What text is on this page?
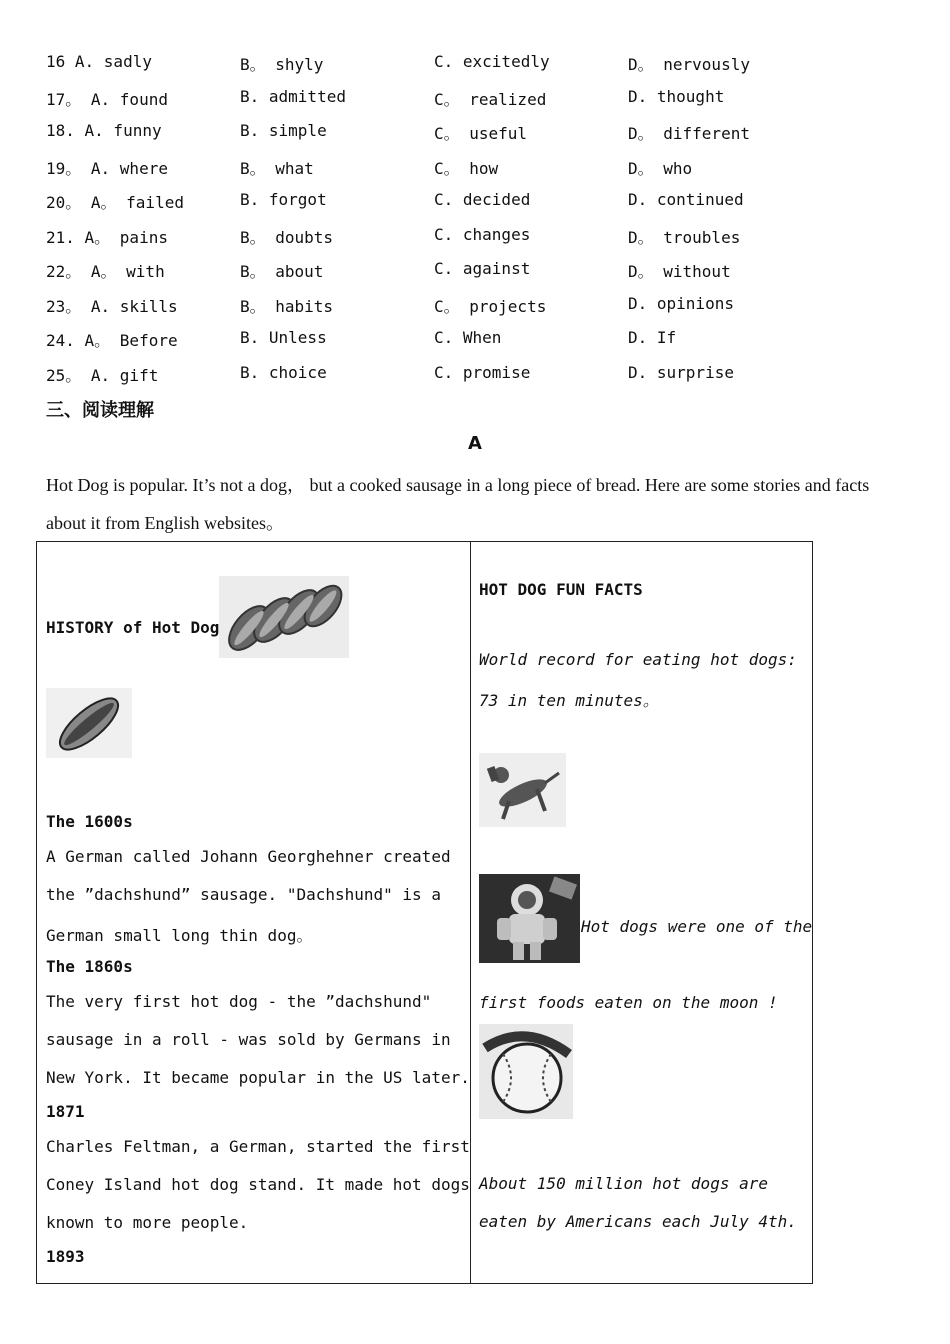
16 A. sadly	B。 shyly	C. excitedly	D。 nervously
17。 A. found	B. admitted	C。 realized	D. thought
18. A. funny	B. simple	C。 useful	D。 different
19。 A. where	B。 what	C。 how	D。 who
20。 A。 failed	B. forgot	C. decided	D. continued
21. A。 pains	B。 doubts	C. changes	D。 troubles
22。 A。 with	B。 about	C. against	D。 without
23。 A. skills	B。 habits	C。 projects	D. opinions
24. A。 Before	B. Unless	C. When	D. If
25。 A. gift	B. choice	C. promise	D. surprise
三、阅读理解
A
Hot Dog is popular. It’s not a dog， but a cooked sausage in a long piece of bread. Here are some stories and facts about it from English websites。
HISTORY of Hot Dog
The 1600s
A German called Johann Georghehner created
the ”dachshund” sausage. "Dachshund" is a
German small long thin dog。
The 1860s
The very first hot dog - the ”dachshund"
sausage in a roll - was sold by Germans in
New York. It became popular in the US later.
1871
Charles Feltman, a German, started the first
Coney Island hot dog stand. It made hot dogs
known to more people.
1893
HOT DOG FUN FACTS
World record for eating hot dogs:
73 in ten minutes。
Hot dogs were one of the
first foods eaten on the moon !
About 150 million hot dogs are
eaten by Americans each July 4th.
